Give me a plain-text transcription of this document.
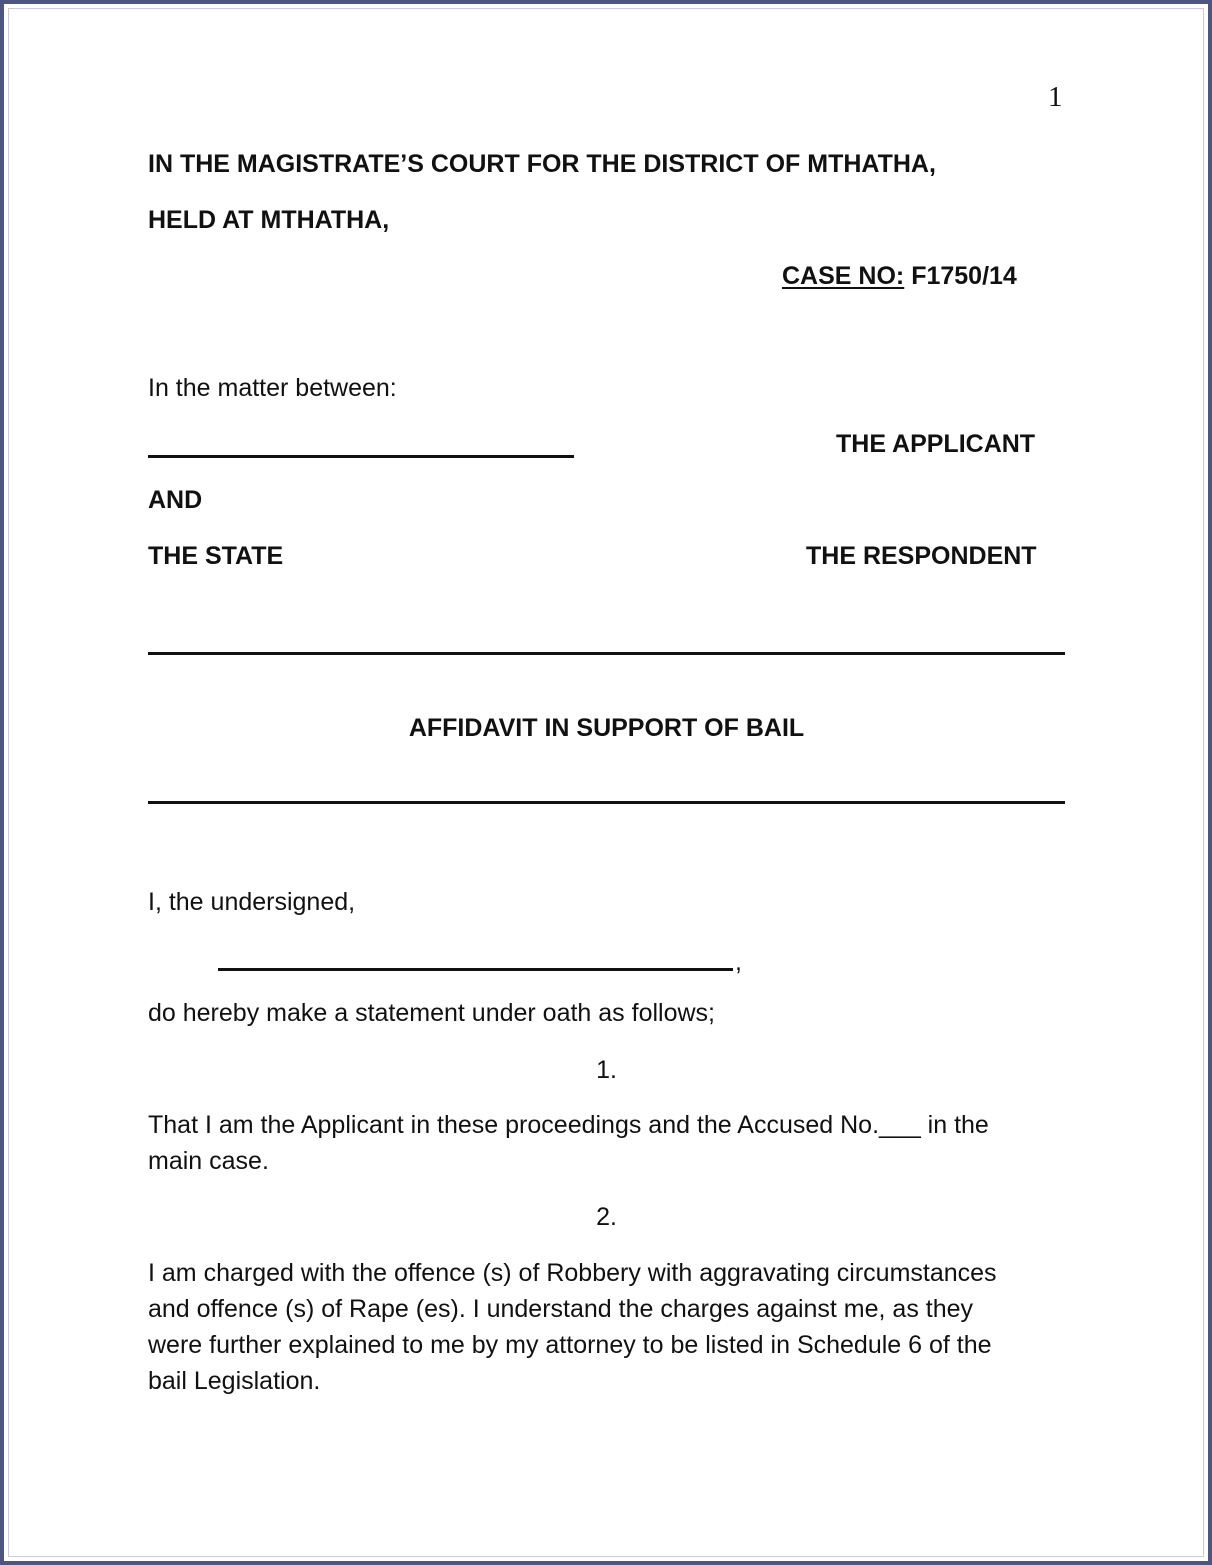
1
IN THE MAGISTRATE’S COURT FOR THE DISTRICT OF MTHATHA,
HELD AT MTHATHA,
CASE NO: F1750/14
In the matter between:
THE APPLICANT
AND
THE STATE	THE RESPONDENT
AFFIDAVIT IN SUPPORT OF BAIL
I, the undersigned,
,
do hereby make a statement under oath as follows;
1.
That I am the Applicant in these proceedings and the Accused No.___ in the main case.
2.
I am charged with the offence (s) of Robbery with aggravating circumstances and offence (s) of Rape (es). I understand the charges against me, as they were further explained to me by my attorney to be listed in Schedule 6 of the bail Legislation.
